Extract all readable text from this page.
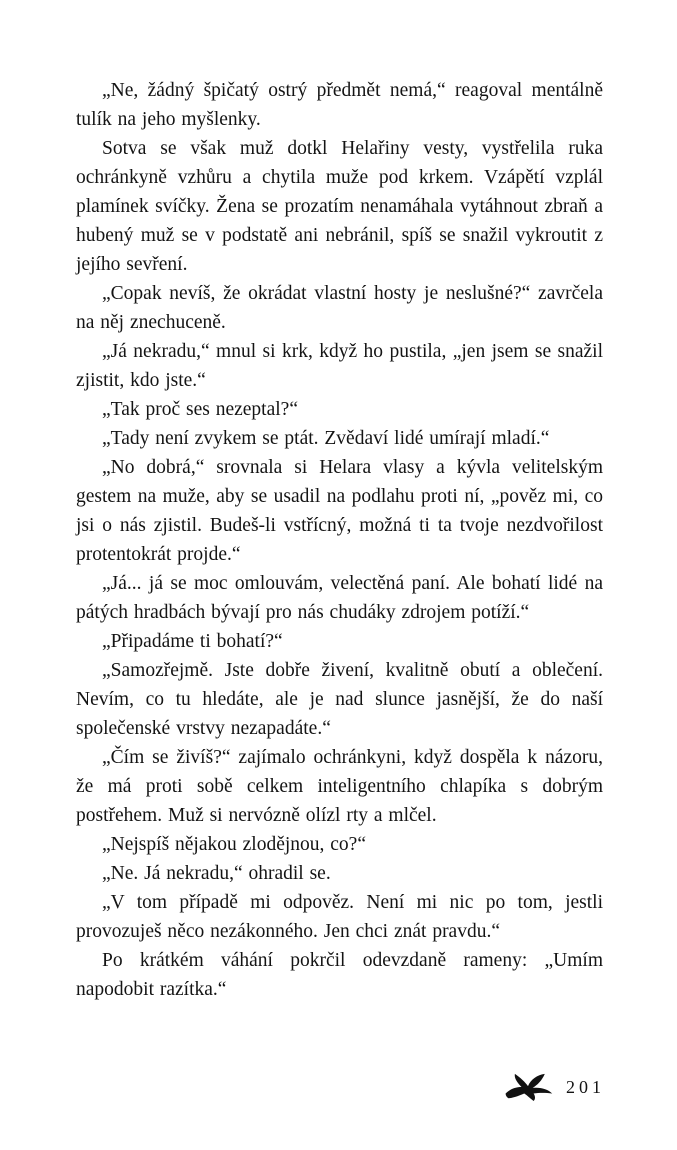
„Ne, žádný špičatý ostrý předmět nemá,“ reagoval mentálně tulík na jeho myšlenky.

Sotva se však muž dotkl Helařiny vesty, vystřelila ruka ochránkyně vzhůru a chytila muže pod krkem. Vzápětí vzplál plamínek svíčky. Žena se prozatím nenamáhala vytáhnout zbraň a hubený muž se v podstatě ani nebránil, spíš se snažil vykroutit z jejího sevření.

„Copak nevíš, že okrádat vlastní hosty je neslušné?“ zavrčela na něj znechuceně.

„Já nekradu,“ mnul si krk, když ho pustila, „jen jsem se snažil zjistit, kdo jste.“

„Tak proč ses nezeptal?“

„Tady není zvykem se ptát. Zvědaví lidé umírají mladí.“

„No dobrá,“ srovnala si Helara vlasy a kývla velitelským gestem na muže, aby se usadil na podlahu proti ní, „pověz mi, co jsi o nás zjistil. Budeš-li vstřícný, možná ti ta tvoje nezdvořilost protentokrát projde.“

„Já... já se moc omlouvám, velectěná paní. Ale bohatí lidé na pátých hradbách bývají pro nás chudáky zdrojem potíží.“

„Připadáme ti bohatí?“

„Samozřejmě. Jste dobře živení, kvalitně obutí a oblečení. Nevím, co tu hledáte, ale je nad slunce jasnější, že do naší společenské vrstvy nezapadáte.“

„Čím se živíš?“ zajímalo ochránkyni, když dospěla k názoru, že má proti sobě celkem inteligentního chlapíka s dobrým postřehem. Muž si nervózně olízl rty a mlčel.

„Nejspíš nějakou zlodějnou, co?“

„Ne. Já nekradu,“ ohradil se.

„V tom případě mi odpověz. Není mi nic po tom, jestli provozuješ něco nezákonného. Jen chci znát pravdu.“

Po krátkém váhání pokrčil odevzdaně rameny: „Umím napodobit razítka.“

201
